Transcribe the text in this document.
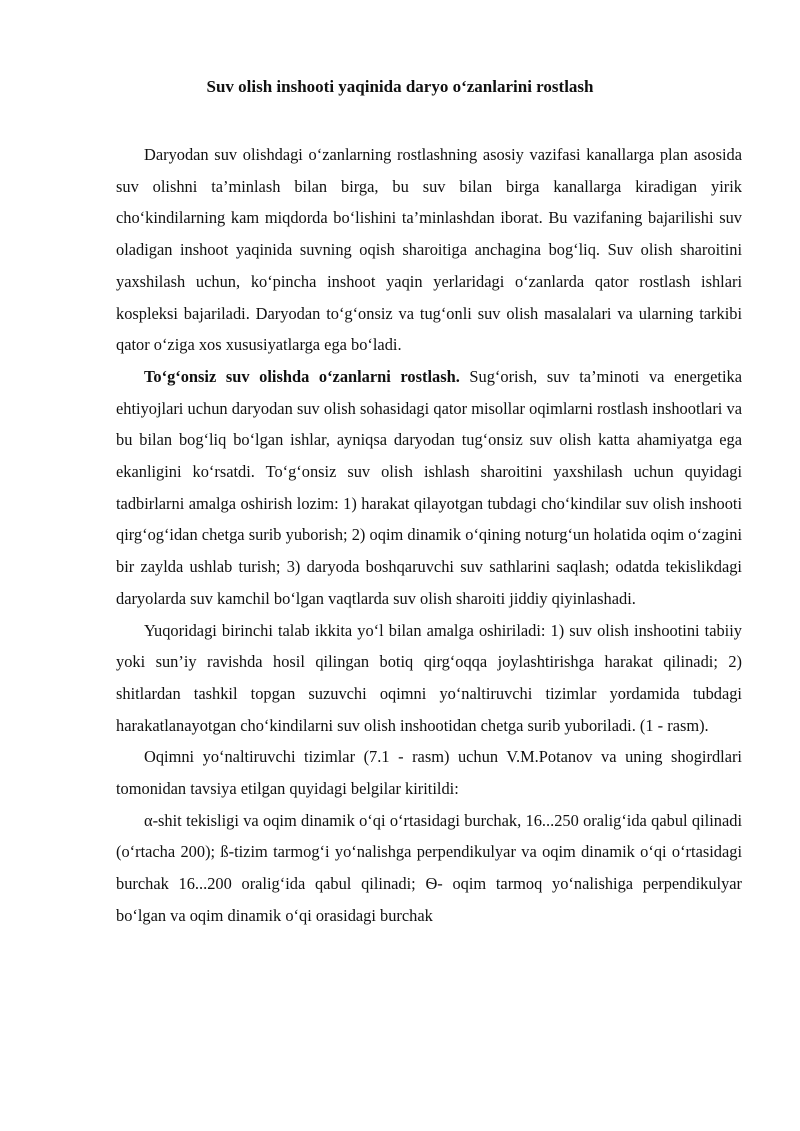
Suv olish inshooti yaqinida daryo o‘zanlarini rostlash

Daryodan suv olishdagi o‘zanlarning rostlashning asosiy vazifasi kanallarga plan asosida suv olishni ta’minlash bilan birga, bu suv bilan birga kanallarga kiradigan yirik cho‘kindilarning kam miqdorda bo‘lishini ta’minlashdan iborat. Bu vazifaning bajarilishi suv oladigan inshoot yaqinida suvning oqish sharoitiga anchagina bog‘liq. Suv olish sharoitini yaxshilash uchun, ko‘pincha inshoot yaqin yerlaridagi o‘zanlarda qator rostlash ishlari kospleksi bajariladi. Daryodan to‘g‘onsiz va tug‘onli suv olish masalalari va ularning tarkibi qator o‘ziga xos xususiyatlarga ega bo‘ladi.

To‘g‘onsiz suv olishda o‘zanlarni rostlash. Sug‘orish, suv ta’minoti va energetika ehtiyojlari uchun daryodan suv olish sohasidagi qator misollar oqimlarni rostlash inshootlari va bu bilan bog‘liq bo‘lgan ishlar, ayniqsa daryodan tug‘onsiz suv olish katta ahamiyatga ega ekanligini ko‘rsatdi. To‘g‘onsiz suv olish ishlash sharoitini yaxshilash uchun quyidagi tadbirlarni amalga oshirish lozim: 1) harakat qilayotgan tubdagi cho‘kindilar suv olish inshooti qirg‘og‘idan chetga surib yuborish; 2) oqim dinamik o‘qining noturg‘un holatida oqim o‘zagini bir zaylda ushlab turish; 3) daryoda boshqaruvchi suv sathlarini saqlash; odatda tekislikdagi daryolarda suv kamchil bo‘lgan vaqtlarda suv olish sharoiti jiddiy qiyinlashadi.

Yuqoridagi birinchi talab ikkita yo‘l bilan amalga oshiriladi: 1) suv olish inshootini tabiiy yoki sun’iy ravishda hosil qilingan botiq qirg‘oqqa joylashtirishga harakat qilinadi; 2) shitlardan tashkil topgan suzuvchi oqimni yo‘naltiruvchi tizimlar yordamida tubdagi harakatlanayotgan cho‘kindilarni suv olish inshootidan chetga surib yuboriladi. (1 - rasm).

Oqimni yo‘naltiruvchi tizimlar (7.1 - rasm) uchun V.M.Potanov va uning shogirdlari tomonidan tavsiya etilgan quyidagi belgilar kiritildi:

α-shit tekisligi va oqim dinamik o‘qi o‘rtasidagi burchak, 16...250 oralig‘ida qabul qilinadi (o‘rtacha 200); ß-tizim tarmog‘i yo‘nalishga perpendikulyar va oqim dinamik o‘qi o‘rtasidagi burchak 16...200 oralig‘ida qabul qilinadi; Ѳ- oqim tarmoq yo‘nalishiga perpendikulyar bo‘lgan va oqim dinamik o‘qi orasidagi burchak
